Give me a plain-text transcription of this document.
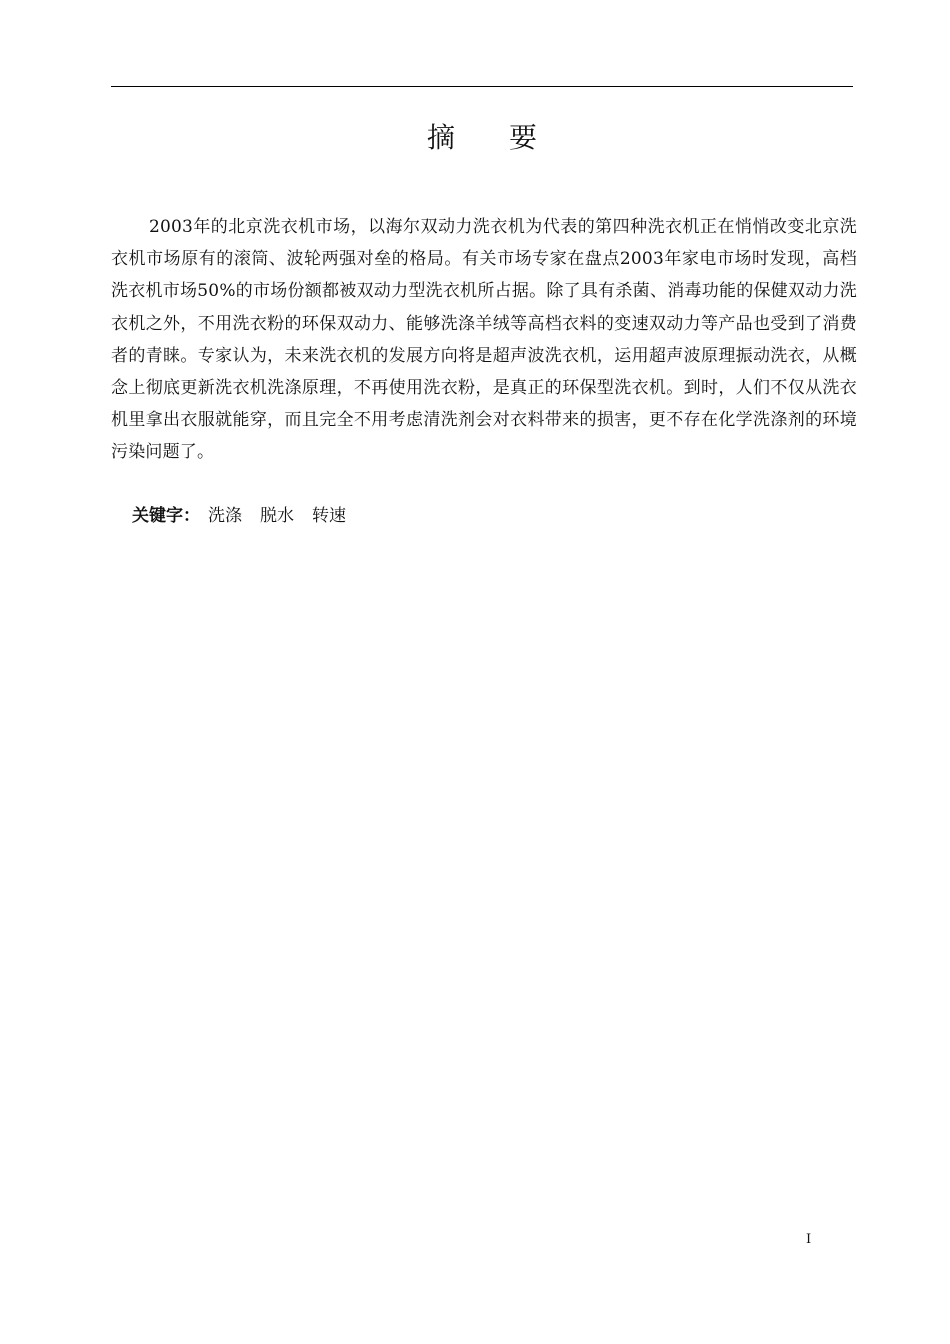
摘 要

2003年的北京洗衣机市场，以海尔双动力洗衣机为代表的第四种洗衣机正在悄悄改变北京洗衣机市场原有的滚筒、波轮两强对垒的格局。有关市场专家在盘点2003年家电市场时发现，高档洗衣机市场50%的市场份额都被双动力型洗衣机所占据。除了具有杀菌、消毒功能的保健双动力洗衣机之外，不用洗衣粉的环保双动力、能够洗涤羊绒等高档衣料的变速双动力等产品也受到了消费者的青睐。专家认为，未来洗衣机的发展方向将是超声波洗衣机，运用超声波原理振动洗衣，从概念上彻底更新洗衣机洗涤原理，不再使用洗衣粉，是真正的环保型洗衣机。到时，人们不仅从洗衣机里拿出衣服就能穿，而且完全不用考虑清洗剂会对衣料带来的损害，更不存在化学洗涤剂的环境污染问题了。

关键字： 洗涤 脱水 转速
I
